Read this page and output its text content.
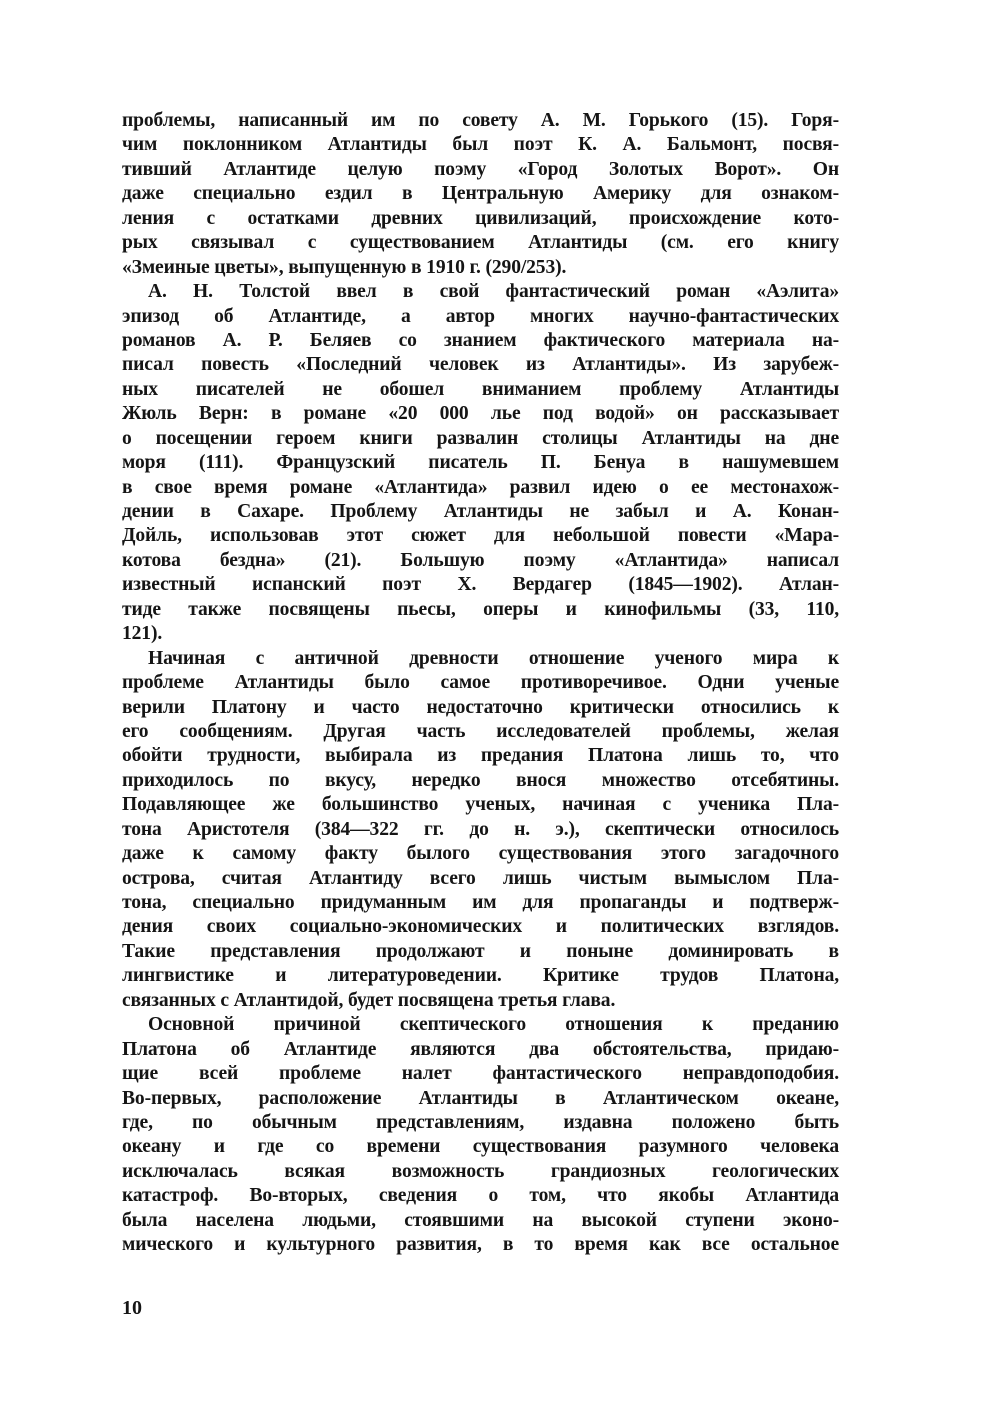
проблемы, написанный им по совету А. М. Горького (15). Горя-
чим поклонником Атлантиды был поэт К. А. Бальмонт, посвя-
тивший Атлантиде целую поэму «Город Золотых Ворот». Он
даже специально ездил в Центральную Америку для ознаком-
ления с остатками древних цивилизаций, происхождение кото-
рых связывал с существованием Атлантиды (см. его книгу
«Змеиные цветы», выпущенную в 1910 г. (290/253).
А. Н. Толстой ввел в свой фантастический роман «Аэлита»
эпизод об Атлантиде, а автор многих научно-фантастических
романов А. Р. Беляев со знанием фактического материала на-
писал повесть «Последний человек из Атлантиды». Из зарубеж-
ных писателей не обошел вниманием проблему Атлантиды
Жюль Верн: в романе «20 000 лье под водой» он рассказывает
о посещении героем книги развалин столицы Атлантиды на дне
моря (111). Французский писатель П. Бенуа в нашумевшем
в свое время романе «Атлантида» развил идею о ее местонахож-
дении в Сахаре. Проблему Атлантиды не забыл и А. Конан-
Дойль, использовав этот сюжет для небольшой повести «Мара-
котова бездна» (21). Большую поэму «Атлантида» написал
известный испанский поэт X. Вердагер (1845—1902). Атлан-
тиде также посвящены пьесы, оперы и кинофильмы (33, 110,
121).
Начиная с античной древности отношение ученого мира к
проблеме Атлантиды было самое противоречивое. Одни ученые
верили Платону и часто недостаточно критически относились к
его сообщениям. Другая часть исследователей проблемы, желая
обойти трудности, выбирала из предания Платона лишь то, что
приходилось по вкусу, нередко внося множество отсебятины.
Подавляющее же большинство ученых, начиная с ученика Пла-
тона Аристотеля (384—322 гг. до н. э.), скептически относилось
даже к самому факту былого существования этого загадочного
острова, считая Атлантиду всего лишь чистым вымыслом Пла-
тона, специально придуманным им для пропаганды и подтверж-
дения своих социально-экономических и политических взглядов.
Такие представления продолжают и поныне доминировать в
лингвистике и литературоведении. Критике трудов Платона,
связанных с Атлантидой, будет посвящена третья глава.
Основной причиной скептического отношения к преданию
Платона об Атлантиде являются два обстоятельства, придаю-
щие всей проблеме налет фантастического неправдоподобия.
Во-первых, расположение Атлантиды в Атлантическом океане,
где, по обычным представлениям, издавна положено быть
океану и где со времени существования разумного человека
исключалась всякая возможность грандиозных геологических
катастроф. Во-вторых, сведения о том, что якобы Атлантида
была населена людьми, стоявшими на высокой ступени эконо-
мического и культурного развития, в то время как все остальное
10
